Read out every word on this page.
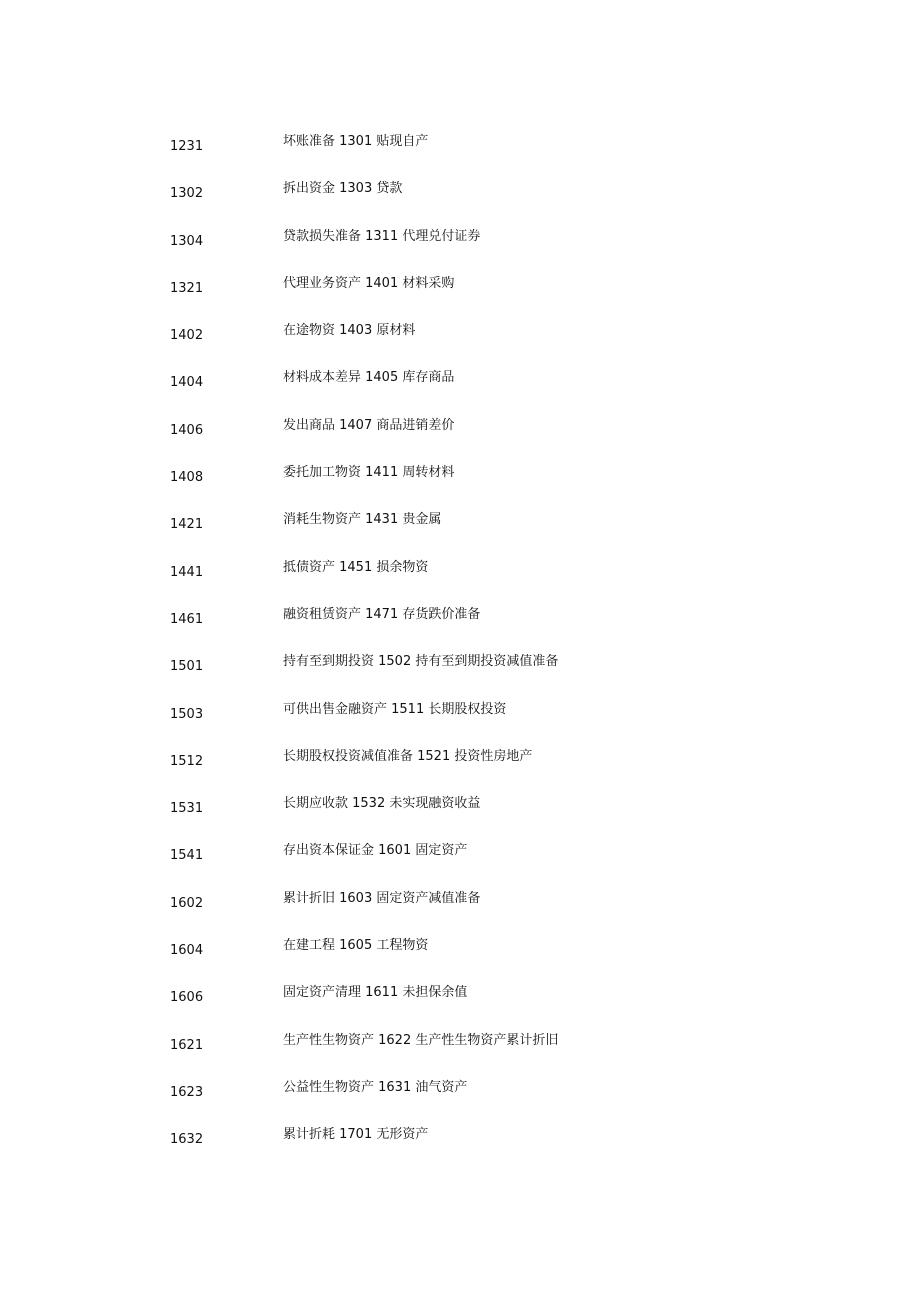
1231	坏账准备 1301 贴现自产
1302	拆出资金 1303 贷款
1304	贷款损失准备 1311 代理兑付证券
1321	代理业务资产 1401 材料采购
1402	在途物资 1403 原材料
1404	材料成本差异 1405 库存商品
1406	发出商品 1407 商品进销差价
1408	委托加工物资 1411 周转材料
1421	消耗生物资产 1431 贵金属
1441	抵债资产 1451 损余物资
1461	融资租赁资产 1471 存货跌价准备
1501	持有至到期投资 1502 持有至到期投资减值准备
1503	可供出售金融资产 1511 长期股权投资
1512	长期股权投资减值准备 1521 投资性房地产
1531	长期应收款 1532 未实现融资收益
1541	存出资本保证金 1601 固定资产
1602	累计折旧 1603 固定资产减值准备
1604	在建工程 1605 工程物资
1606	固定资产清理 1611 未担保余值
1621	生产性生物资产 1622 生产性生物资产累计折旧
1623	公益性生物资产 1631 油气资产
1632	累计折耗 1701 无形资产
